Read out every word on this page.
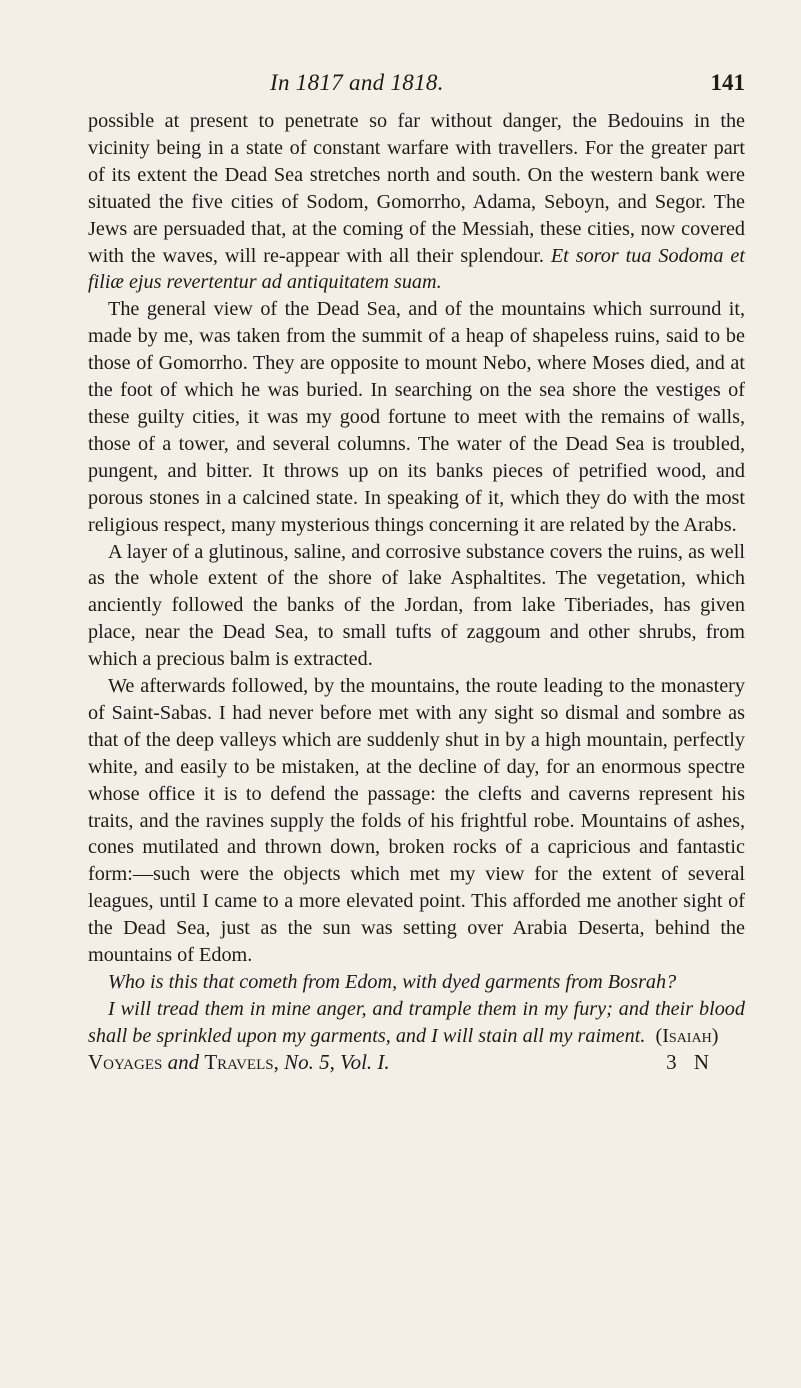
In 1817 and 1818.	141

possible at present to penetrate so far without danger, the Bedouins in the vicinity being in a state of constant warfare with travellers. For the greater part of its extent the Dead Sea stretches north and south. On the western bank were situated the five cities of Sodom, Gomorrho, Adama, Seboyn, and Segor. The Jews are persuaded that, at the coming of the Messiah, these cities, now covered with the waves, will re-appear with all their splendour. Et soror tua Sodoma et filiæ ejus revertentur ad antiquitatem suam.

The general view of the Dead Sea, and of the mountains which surround it, made by me, was taken from the summit of a heap of shapeless ruins, said to be those of Gomorrho. They are opposite to mount Nebo, where Moses died, and at the foot of which he was buried. In searching on the sea shore the vestiges of these guilty cities, it was my good fortune to meet with the remains of walls, those of a tower, and several columns. The water of the Dead Sea is troubled, pungent, and bitter. It throws up on its banks pieces of petrified wood, and porous stones in a calcined state. In speaking of it, which they do with the most religious respect, many mysterious things concerning it are related by the Arabs.

A layer of a glutinous, saline, and corrosive substance covers the ruins, as well as the whole extent of the shore of lake Asphaltites. The vegetation, which anciently followed the banks of the Jordan, from lake Tiberiades, has given place, near the Dead Sea, to small tufts of zaggoum and other shrubs, from which a precious balm is extracted.

We afterwards followed, by the mountains, the route leading to the monastery of Saint-Sabas. I had never before met with any sight so dismal and sombre as that of the deep valleys which are suddenly shut in by a high mountain, perfectly white, and easily to be mistaken, at the decline of day, for an enormous spectre whose office it is to defend the passage: the clefts and caverns represent his traits, and the ravines supply the folds of his frightful robe. Mountains of ashes, cones mutilated and thrown down, broken rocks of a capricious and fantastic form:—such were the objects which met my view for the extent of several leagues, until I came to a more elevated point. This afforded me another sight of the Dead Sea, just as the sun was setting over Arabia Deserta, behind the mountains of Edom.

Who is this that cometh from Edom, with dyed garments from Bosrah?

I will tread them in mine anger, and trample them in my fury; and their blood shall be sprinkled upon my garments, and I will stain all my raiment. (Isaiah)

Voyages and Travels, No. 5, Vol. I.	3 N
